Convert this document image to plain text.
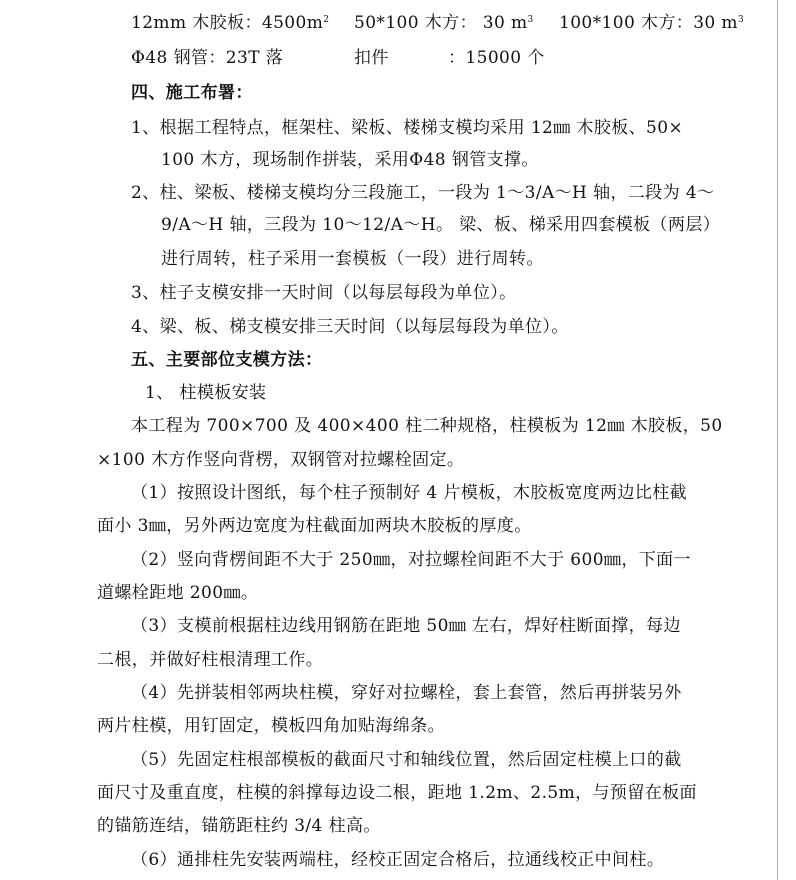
12mm 木胶板：$4500m^2$ 50*100 木方： 30 $m^3$ 100*100 木方：30 $m^3$
Φ48 钢管：23T 落	扣件	：15000 个
四、施工布署：
1、根据工程特点，框架柱、梁板、楼梯支模均采用 12㎜ 木胶板、50×
100 木方，现场制作拼装，采用Φ48 钢管支撑。
2、柱、梁板、楼梯支模均分三段施工，一段为 1～3/A～H 轴，二段为 4～
9/A～H 轴，三段为 10～12/A～H。 梁、板、梯采用四套模板（两层）
进行周转，柱子采用一套模板（一段）进行周转。
3、柱子支模安排一天时间（以每层每段为单位）。
4、梁、板、梯支模安排三天时间（以每层每段为单位）。
五、主要部位支模方法：
1、 柱模板安装
本工程为 700×700 及 400×400 柱二种规格，柱模板为 12㎜ 木胶板，50
×100 木方作竖向背楞，双钢管对拉螺栓固定。
（1）按照设计图纸，每个柱子预制好 4 片模板，木胶板宽度两边比柱截
面小 3㎜，另外两边宽度为柱截面加两块木胶板的厚度。
（2）竖向背楞间距不大于 250㎜，对拉螺栓间距不大于 600㎜，下面一
道螺栓距地 200㎜。
（3）支模前根据柱边线用钢筋在距地 50㎜ 左右，焊好柱断面撑，每边
二根，并做好柱根清理工作。
（4）先拼装相邻两块柱模，穿好对拉螺栓，套上套管，然后再拼装另外
两片柱模，用钉固定，模板四角加贴海绵条。
（5）先固定柱根部模板的截面尺寸和轴线位置，然后固定柱模上口的截
面尺寸及重直度，柱模的斜撑每边设二根，距地 1.2m、2.5m，与预留在板面
的锚筋连结，锚筋距柱约 3/4 柱高。
（6）通排柱先安装两端柱，经校正固定合格后，拉通线校正中间柱。
